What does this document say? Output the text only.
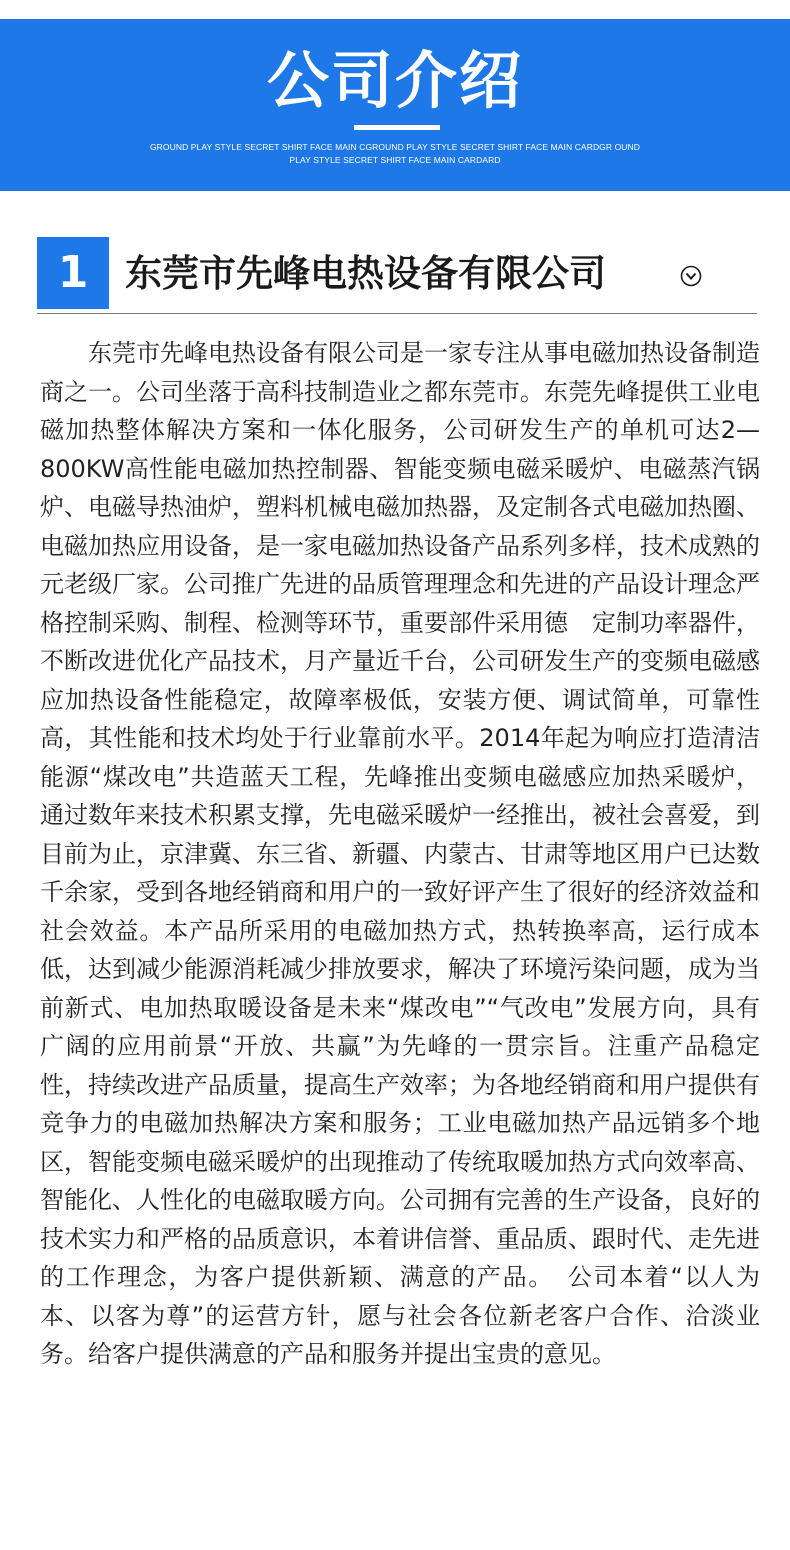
公司介绍
GROUND PLAY STYLE SECRET SHIRT FACE MAIN CGROUND PLAY STYLE SECRET SHIRT FACE MAIN CARDGR OUND PLAY STYLE SECRET SHIRT FACE MAIN CARDARD
1 东莞市先峰电热设备有限公司

东莞市先峰电热设备有限公司是一家专注从事电磁加热设备制造商之一。公司坐落于高科技制造业之都东莞市。东莞先峰提供工业电磁加热整体解决方案和一体化服务，公司研发生产的单机可达2—800KW高性能电磁加热控制器、智能变频电磁采暖炉、电磁蒸汽锅炉、电磁导热油炉，塑料机械电磁加热器，及定制各式电磁加热圈、电磁加热应用设备，是一家电磁加热设备产品系列多样，技术成熟的元老级厂家。公司推广先进的品质管理理念和先进的产品设计理念严格控制采购、制程、检测等环节，重要部件采用德　定制功率器件，不断改进优化产品技术，月产量近千台，公司研发生产的变频电磁感应加热设备性能稳定，故障率极低，安装方便、调试简单，可靠性高，其性能和技术均处于行业靠前水平。2014年起为响应打造清洁能源“煤改电”共造蓝天工程，先峰推出变频电磁感应加热采暖炉，通过数年来技术积累支撑，先电磁采暖炉一经推出，被社会喜爱，到目前为止，京津冀、东三省、新疆、内蒙古、甘肃等地区用户已达数千余家，受到各地经销商和用户的一致好评产生了很好的经济效益和社会效益。本产品所采用的电磁加热方式，热转换率高，运行成本低，达到减少能源消耗减少排放要求，解决了环境污染问题，成为当前新式、电加热取暖设备是未来“煤改电”“气改电”发展方向，具有广阔的应用前景“开放、共赢”为先峰的一贯宗旨。注重产品稳定性，持续改进产品质量，提高生产效率；为各地经销商和用户提供有竞争力的电磁加热解决方案和服务；工业电磁加热产品远销多个地区，智能变频电磁采暖炉的出现推动了传统取暖加热方式向效率高、智能化、人性化的电磁取暖方向。公司拥有完善的生产设备，良好的技术实力和严格的品质意识，本着讲信誉、重品质、跟时代、走先进的工作理念，为客户提供新颖、满意的产品。　公司本着“以人为本、以客为尊”的运营方针，愿与社会各位新老客户合作、洽淡业务。给客户提供满意的产品和服务并提出宝贵的意见。
